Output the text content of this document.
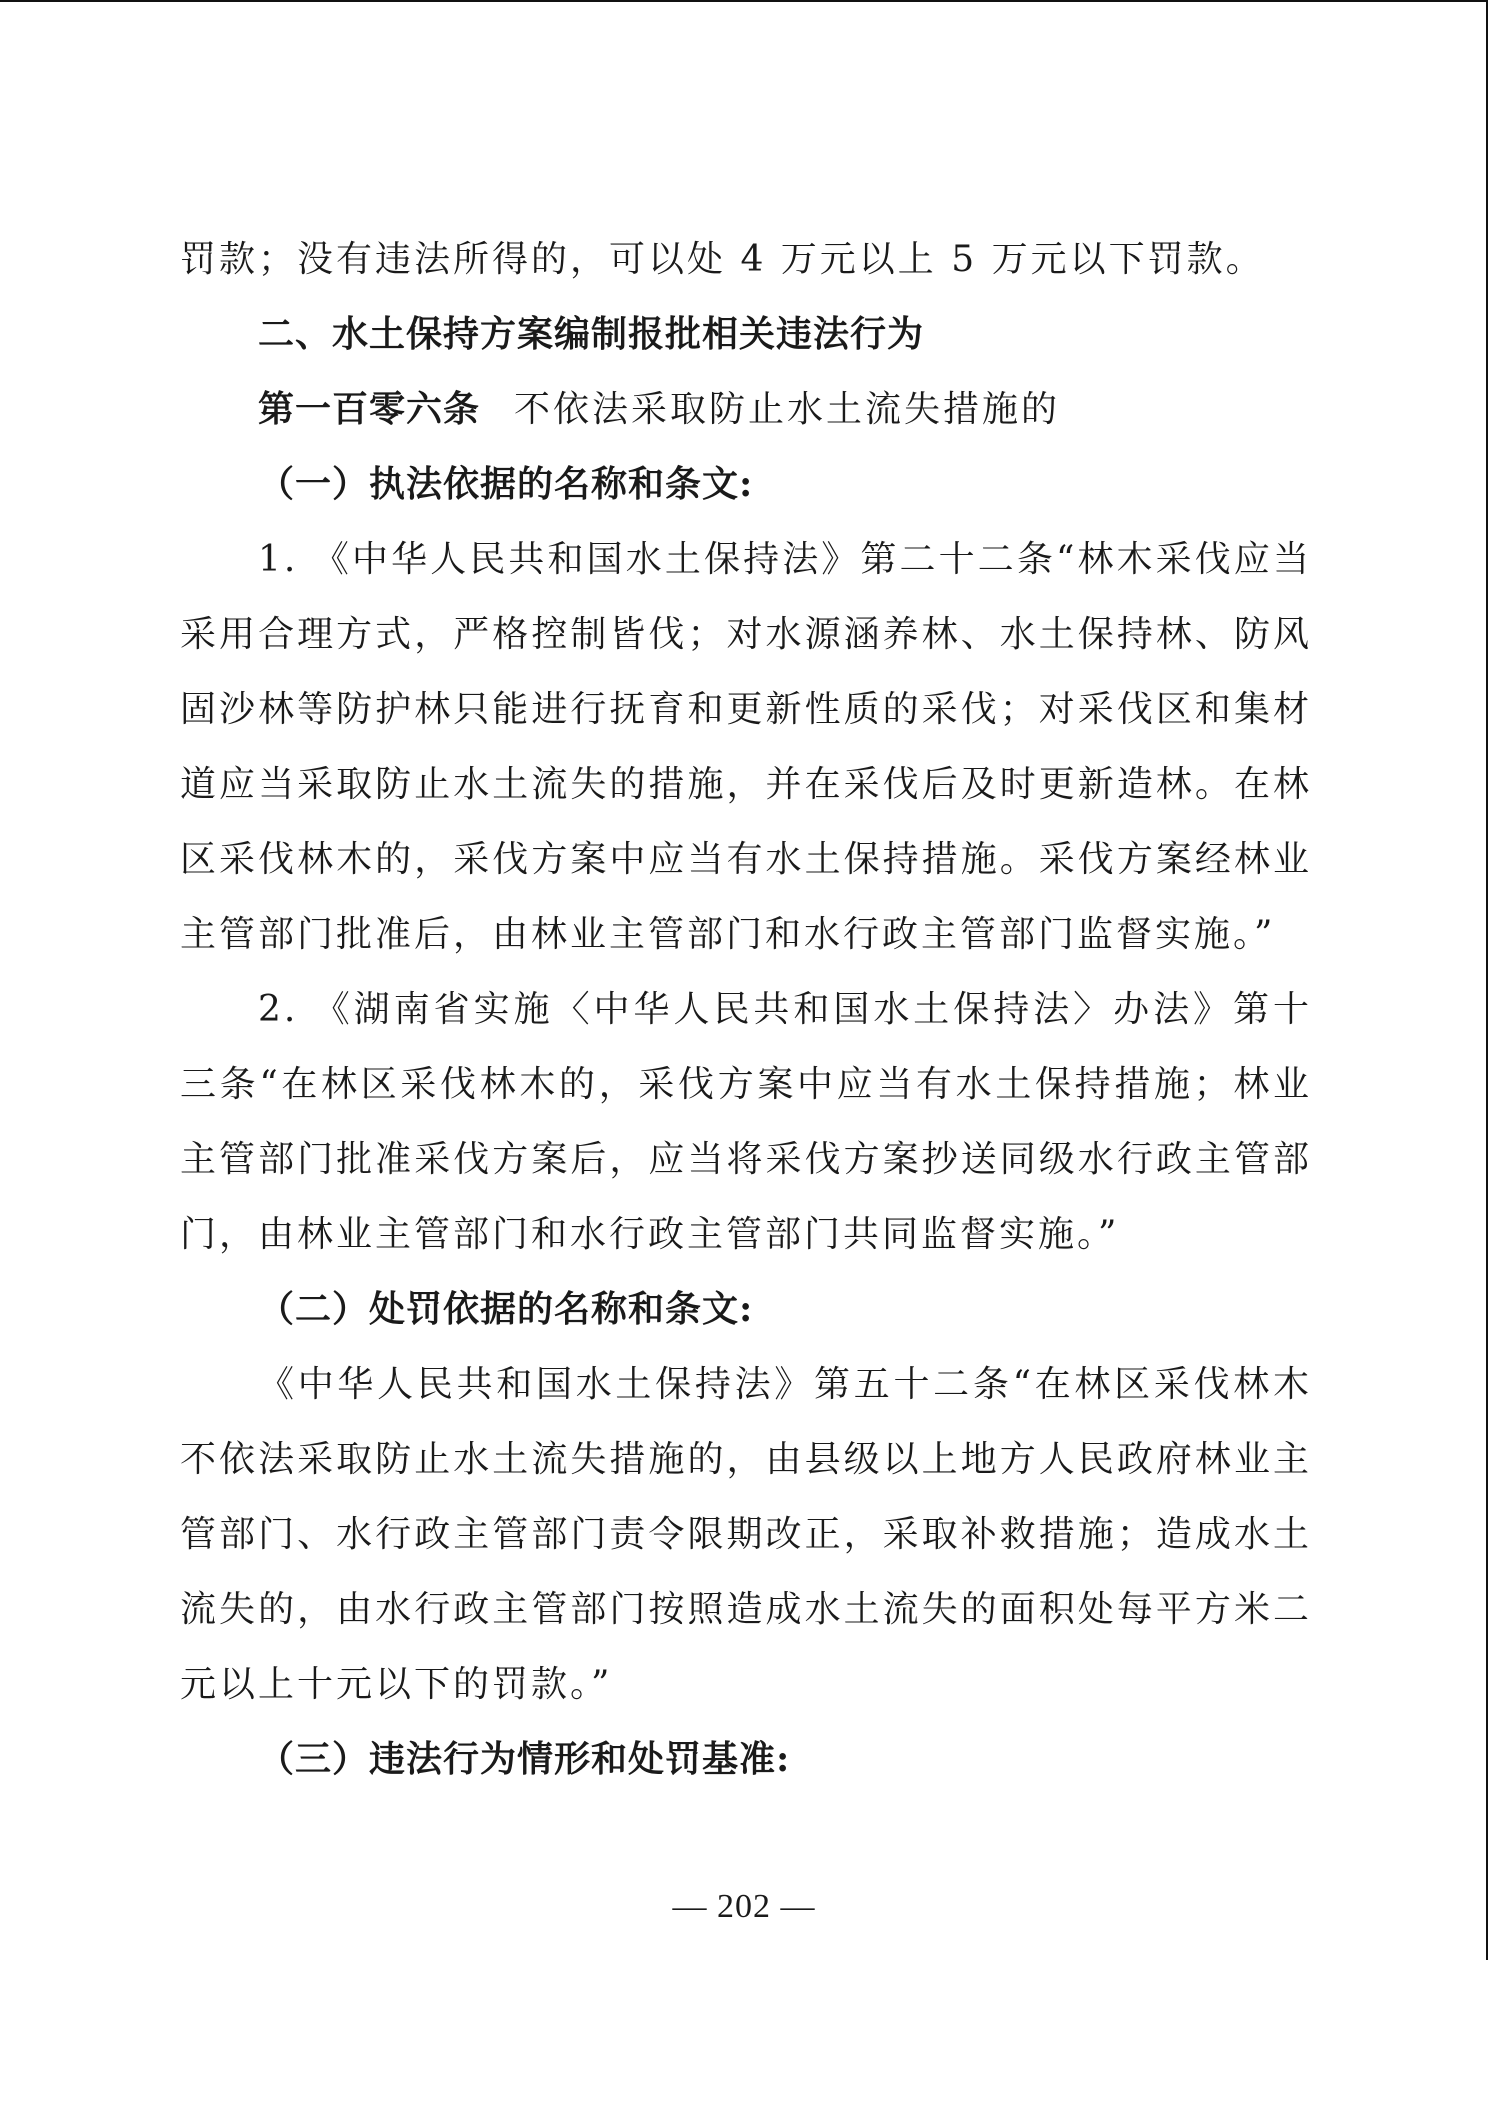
罚款；没有违法所得的，可以处 4 万元以上 5 万元以下罚款。

二、水土保持方案编制报批相关违法行为

第一百零六条 不依法采取防止水土流失措施的

（一）执法依据的名称和条文:

1. 《中华人民共和国水土保持法》第二十二条“林木采伐应当采用合理方式，严格控制皆伐；对水源涵养林、水土保持林、防风固沙林等防护林只能进行抚育和更新性质的采伐；对采伐区和集材道应当采取防止水土流失的措施，并在采伐后及时更新造林。在林区采伐林木的，采伐方案中应当有水土保持措施。采伐方案经林业主管部门批准后，由林业主管部门和水行政主管部门监督实施。”

2. 《湖南省实施〈中华人民共和国水土保持法〉办法》第十三条“在林区采伐林木的，采伐方案中应当有水土保持措施；林业主管部门批准采伐方案后，应当将采伐方案抄送同级水行政主管部门，由林业主管部门和水行政主管部门共同监督实施。”

（二）处罚依据的名称和条文:

《中华人民共和国水土保持法》第五十二条“在林区采伐林木不依法采取防止水土流失措施的，由县级以上地方人民政府林业主管部门、水行政主管部门责令限期改正，采取补救措施；造成水土流失的，由水行政主管部门按照造成水土流失的面积处每平方米二元以上十元以下的罚款。”

（三）违法行为情形和处罚基准:

— 202 —
